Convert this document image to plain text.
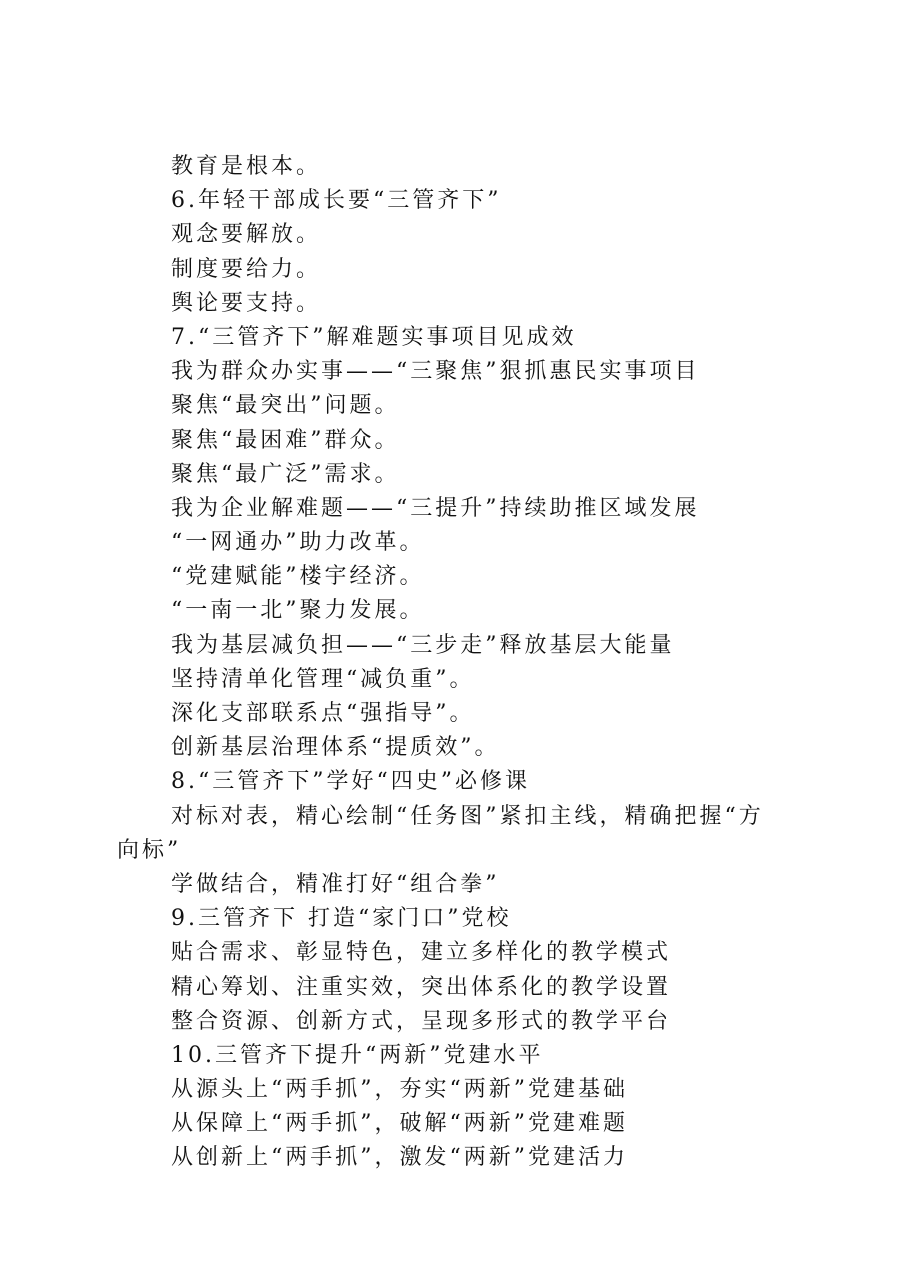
教育是根本。
6.年轻干部成长要“三管齐下”
观念要解放。
制度要给力。
舆论要支持。
7.“三管齐下”解难题实事项目见成效
我为群众办实事——“三聚焦”狠抓惠民实事项目
聚焦“最突出”问题。
聚焦“最困难”群众。
聚焦“最广泛”需求。
我为企业解难题——“三提升”持续助推区域发展
“一网通办”助力改革。
“党建赋能”楼宇经济。
“一南一北”聚力发展。
我为基层减负担——“三步走”释放基层大能量
坚持清单化管理“减负重”。
深化支部联系点“强指导”。
创新基层治理体系“提质效”。
8.“三管齐下”学好“四史”必修课
对标对表，精心绘制“任务图”紧扣主线，精确把握“方
向标”
学做结合，精准打好“组合拳”
9.三管齐下 打造“家门口”党校
贴合需求、彰显特色，建立多样化的教学模式
精心筹划、注重实效，突出体系化的教学设置
整合资源、创新方式，呈现多形式的教学平台
10.三管齐下提升“两新”党建水平
从源头上“两手抓”，夯实“两新”党建基础
从保障上“两手抓”，破解“两新”党建难题
从创新上“两手抓”，激发“两新”党建活力
